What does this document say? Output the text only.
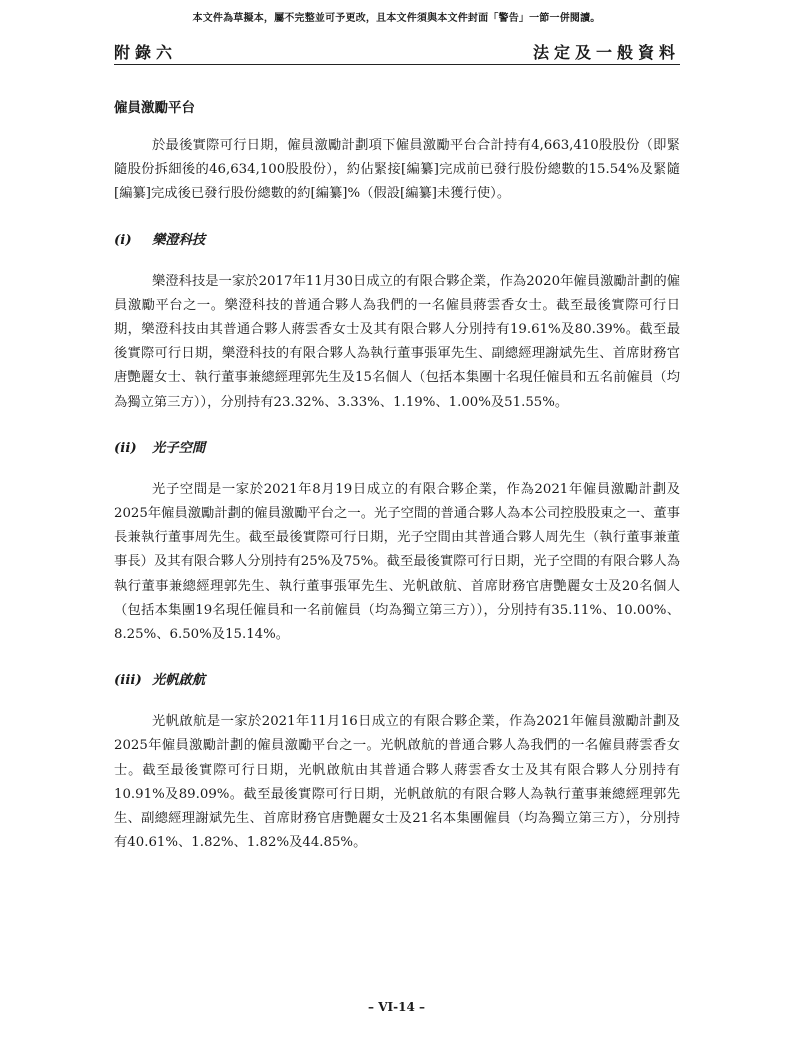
本文件為草擬本，屬不完整並可予更改，且本文件須與本文件封面「警告」一節一併閱讀。
附錄六	法定及一般資料
僱員激勵平台

於最後實際可行日期，僱員激勵計劃項下僱員激勵平台合計持有4,663,410股股份（即緊隨股份拆細後的46,634,100股股份），約佔緊接[編纂]完成前已發行股份總數的15.54%及緊隨[編纂]完成後已發行股份總數的約[編纂]%（假設[編纂]未獲行使）。

(i) 樂澄科技

樂澄科技是一家於2017年11月30日成立的有限合夥企業，作為2020年僱員激勵計劃的僱員激勵平台之一。樂澄科技的普通合夥人為我們的一名僱員蔣雲香女士。截至最後實際可行日期，樂澄科技由其普通合夥人蔣雲香女士及其有限合夥人分別持有19.61%及80.39%。截至最後實際可行日期，樂澄科技的有限合夥人為執行董事張軍先生、副總經理謝斌先生、首席財務官唐艷麗女士、執行董事兼總經理郭先生及15名個人（包括本集團十名現任僱員和五名前僱員（均為獨立第三方）），分別持有23.32%、3.33%、1.19%、1.00%及51.55%。

(ii) 光子空間

光子空間是一家於2021年8月19日成立的有限合夥企業，作為2021年僱員激勵計劃及2025年僱員激勵計劃的僱員激勵平台之一。光子空間的普通合夥人為本公司控股股東之一、董事長兼執行董事周先生。截至最後實際可行日期，光子空間由其普通合夥人周先生（執行董事兼董事長）及其有限合夥人分別持有25%及75%。截至最後實際可行日期，光子空間的有限合夥人為執行董事兼總經理郭先生、執行董事張軍先生、光帆啟航、首席財務官唐艷麗女士及20名個人（包括本集團19名現任僱員和一名前僱員（均為獨立第三方）），分別持有35.11%、10.00%、8.25%、6.50%及15.14%。

(iii) 光帆啟航

光帆啟航是一家於2021年11月16日成立的有限合夥企業，作為2021年僱員激勵計劃及2025年僱員激勵計劃的僱員激勵平台之一。光帆啟航的普通合夥人為我們的一名僱員蔣雲香女士。截至最後實際可行日期，光帆啟航由其普通合夥人蔣雲香女士及其有限合夥人分別持有10.91%及89.09%。截至最後實際可行日期，光帆啟航的有限合夥人為執行董事兼總經理郭先生、副總經理謝斌先生、首席財務官唐艷麗女士及21名本集團僱員（均為獨立第三方），分別持有40.61%、1.82%、1.82%及44.85%。

– VI-14 –
